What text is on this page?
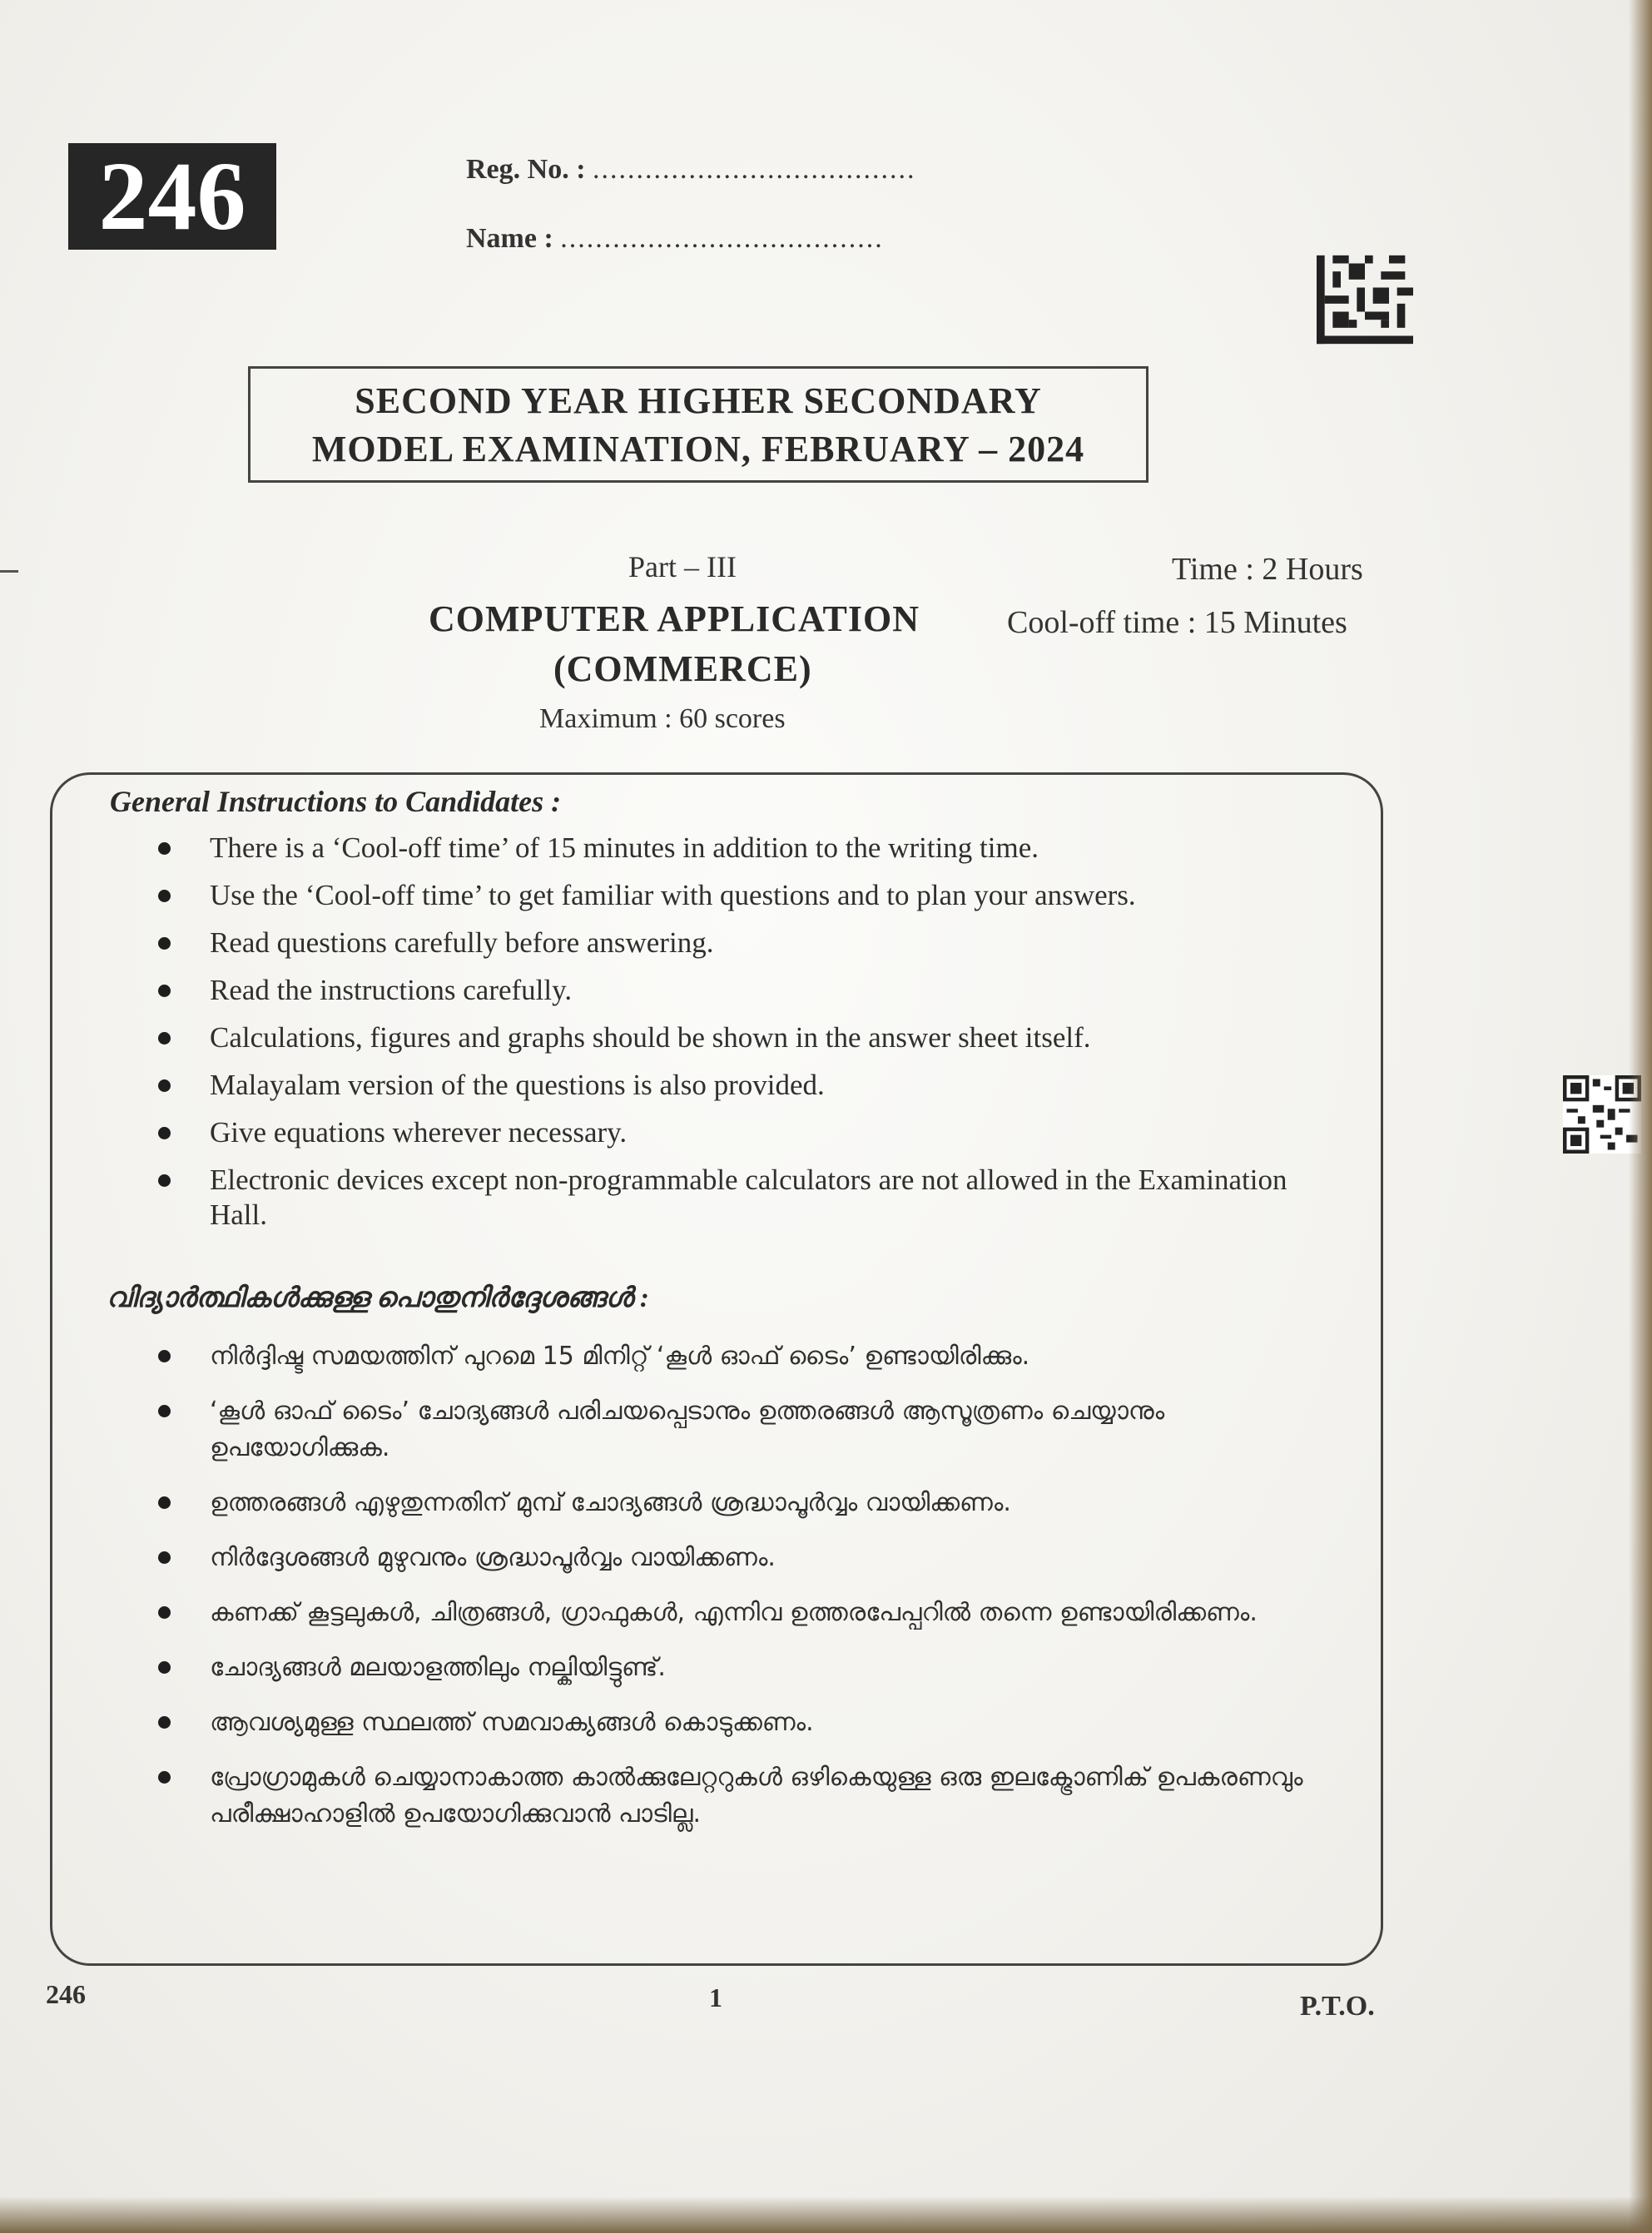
246	Reg. No. : .....................................
Name : .....................................
SECOND YEAR HIGHER SECONDARY
MODEL EXAMINATION, FEBRUARY – 2024
Part – III	Time : 2 Hours
COMPUTER APPLICATION	Cool-off time : 15 Minutes
(COMMERCE)
Maximum : 60 scores
General Instructions to Candidates :
There is a ‘Cool-off time’ of 15 minutes in addition to the writing time.
Use the ‘Cool-off time’ to get familiar with questions and to plan your answers.
Read questions carefully before answering.
Read the instructions carefully.
Calculations, figures and graphs should be shown in the answer sheet itself.
Malayalam version of the questions is also provided.
Give equations wherever necessary.
Electronic devices except non-programmable calculators are not allowed in the Examination Hall.
വിദ്യാർത്ഥികൾക്കുള്ള പൊതുനിർദ്ദേശങ്ങൾ :
നിർദ്ദിഷ്ട സമയത്തിന് പുറമെ 15 മിനിറ്റ് ‘കൂൾ ഓഫ് ടൈം’ ഉണ്ടായിരിക്കും.
‘കൂൾ ഓഫ് ടൈം’ ചോദ്യങ്ങൾ പരിചയപ്പെടാനും ഉത്തരങ്ങൾ ആസൂത്രണം ചെയ്യാനും ഉപയോഗിക്കുക.
ഉത്തരങ്ങൾ എഴുതുന്നതിന് മുമ്പ് ചോദ്യങ്ങൾ ശ്രദ്ധാപൂർവ്വം വായിക്കണം.
നിർദ്ദേശങ്ങൾ മുഴുവനും ശ്രദ്ധാപൂർവ്വം വായിക്കണം.
കണക്ക് കൂട്ടലുകൾ, ചിത്രങ്ങൾ, ഗ്രാഫുകൾ, എന്നിവ ഉത്തരപേപ്പറിൽ തന്നെ ഉണ്ടായിരിക്കണം.
ചോദ്യങ്ങൾ മലയാളത്തിലും നല്കിയിട്ടുണ്ട്.
ആവശ്യമുള്ള സ്ഥലത്ത് സമവാക്യങ്ങൾ കൊടുക്കണം.
പ്രോഗ്രാമുകൾ ചെയ്യാനാകാത്ത കാൽക്കുലേറ്ററുകൾ ഒഴികെയുള്ള ഒരു ഇലക്ട്രോണിക് ഉപകരണവും പരീക്ഷാഹാളിൽ ഉപയോഗിക്കുവാൻ പാടില്ല.
246	1	P.T.O.
